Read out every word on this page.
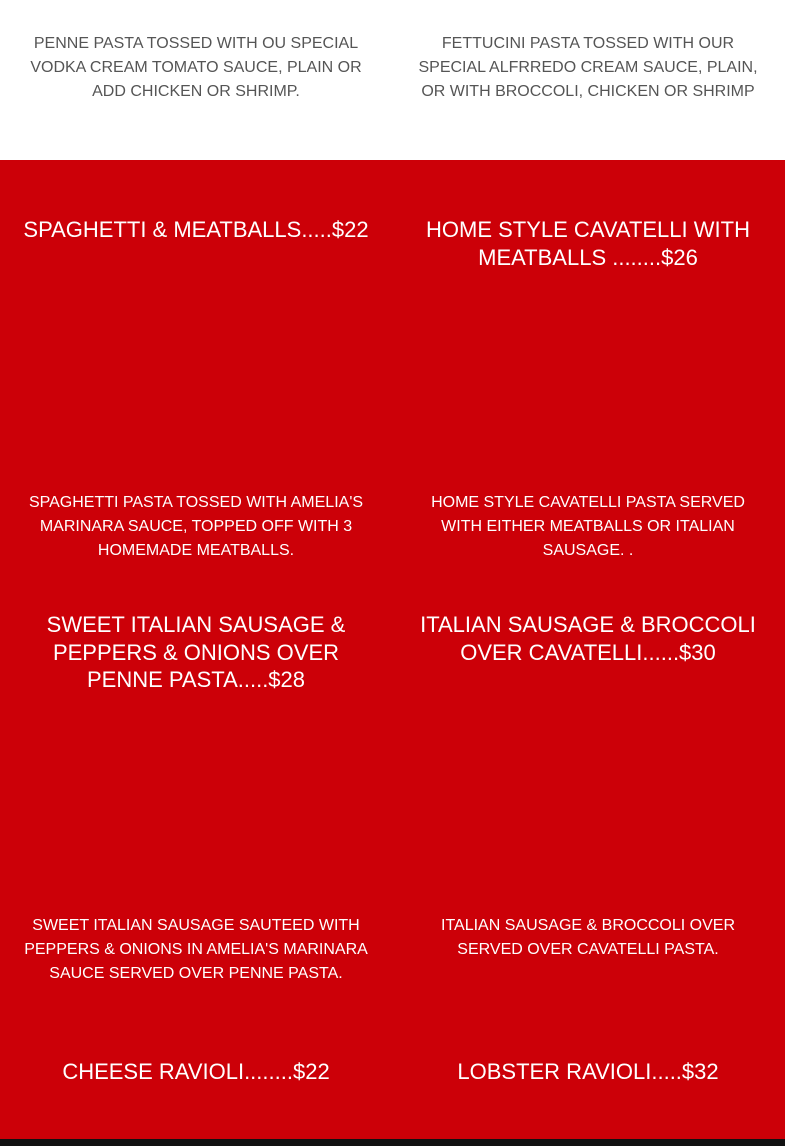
PENNE PASTA TOSSED WITH OU SPECIAL VODKA CREAM TOMATO SAUCE, PLAIN OR ADD CHICKEN OR SHRIMP.
FETTUCINI PASTA TOSSED WITH OUR SPECIAL ALFRREDO CREAM SAUCE, PLAIN, OR WITH BROCCOLI, CHICKEN OR SHRIMP
SPAGHETTI & MEATBALLS.....$22	HOME STYLE CAVATELLI WITH MEATBALLS ........$26
SPAGHETTI PASTA TOSSED WITH AMELIA'S MARINARA SAUCE, TOPPED OFF WITH 3 HOMEMADE MEATBALLS.
HOME STYLE CAVATELLI PASTA SERVED WITH EITHER MEATBALLS OR ITALIAN SAUSAGE. .
SWEET ITALIAN SAUSAGE & PEPPERS & ONIONS OVER PENNE PASTA.....$28
ITALIAN SAUSAGE & BROCCOLI OVER CAVATELLI......$30
SWEET ITALIAN SAUSAGE SAUTEED WITH PEPPERS & ONIONS IN AMELIA'S MARINARA SAUCE SERVED OVER PENNE PASTA.
ITALIAN SAUSAGE & BROCCOLI OVER SERVED OVER CAVATELLI PASTA.
CHEESE RAVIOLI........$22	LOBSTER RAVIOLI.....$32
